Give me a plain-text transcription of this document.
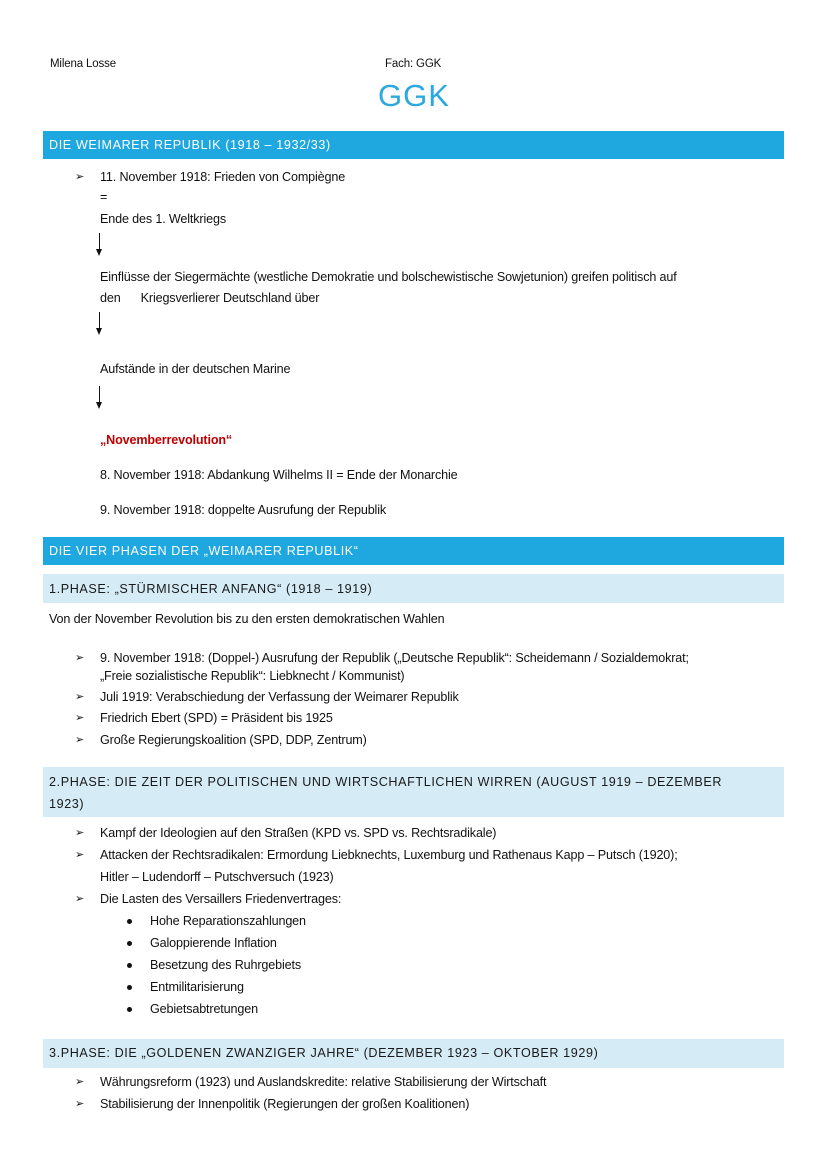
Milena Losse	Fach: GGK
GGK
DIE WEIMARER REPUBLIK (1918 – 1932/33)
➢ 11. November 1918: Frieden von Compiègne
=
Ende des 1. Weltkriegs
Einflüsse der Siegermächte (westliche Demokratie und bolschewistische Sowjetunion) greifen politisch auf
den      Kriegsverlierer Deutschland über
Aufstände in der deutschen Marine
„Novemberrevolution“
8. November 1918: Abdankung Wilhelms II = Ende der Monarchie
9. November 1918: doppelte Ausrufung der Republik
DIE VIER PHASEN DER „WEIMARER REPUBLIK“
1.PHASE: „STÜRMISCHER ANFANG“ (1918 – 1919)
Von der November Revolution bis zu den ersten demokratischen Wahlen
➢ 9. November 1918: (Doppel-) Ausrufung der Republik („Deutsche Republik“: Scheidemann / Sozialdemokrat;
„Freie sozialistische Republik“: Liebknecht / Kommunist)
➢ Juli 1919: Verabschiedung der Verfassung der Weimarer Republik
➢ Friedrich Ebert (SPD) = Präsident bis 1925
➢ Große Regierungskoalition (SPD, DDP, Zentrum)
2.PHASE: DIE ZEIT DER POLITISCHEN UND WIRTSCHAFTLICHEN WIRREN (AUGUST 1919 – DEZEMBER
1923)
➢ Kampf der Ideologien auf den Straßen (KPD vs. SPD vs. Rechtsradikale)
➢ Attacken der Rechtsradikalen: Ermordung Liebknechts, Luxemburg und Rathenaus Kapp – Putsch (1920);
Hitler – Ludendorff – Putschversuch (1923)
➢ Die Lasten des Versaillers Friedenvertrages:
Hohe Reparationszahlungen
Galoppierende Inflation
Besetzung des Ruhrgebiets
Entmilitarisierung
Gebietsabtretungen
3.PHASE: DIE „GOLDENEN ZWANZIGER JAHRE“ (DEZEMBER 1923 – OKTOBER 1929)
➢ Währungsreform (1923) und Auslandskredite: relative Stabilisierung der Wirtschaft
➢ Stabilisierung der Innenpolitik (Regierungen der großen Koalitionen)
